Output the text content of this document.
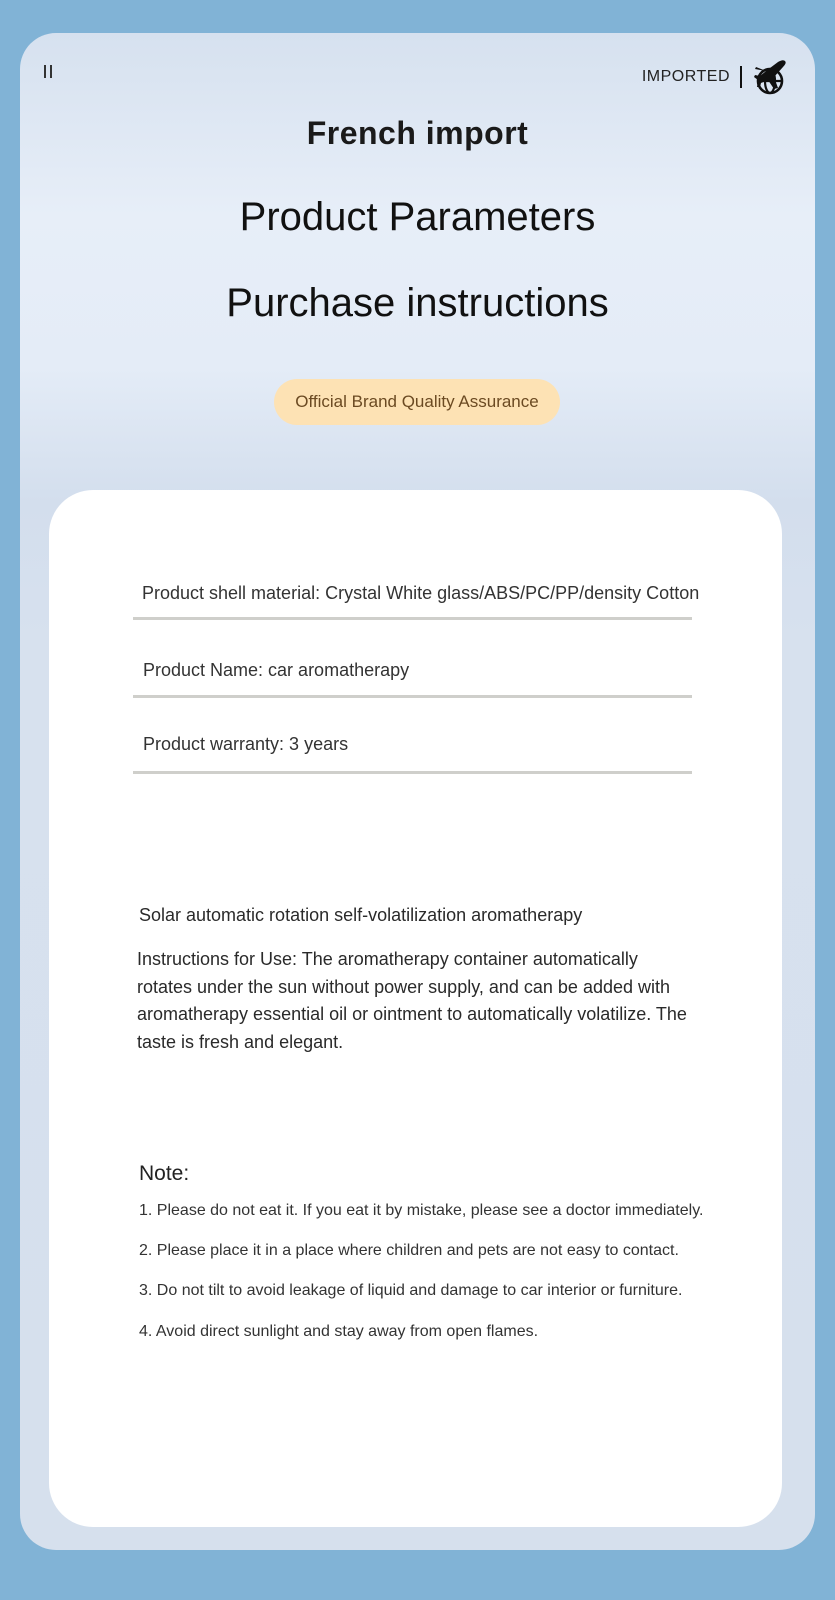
IMPORTED
French import
Product Parameters
Purchase instructions
Official Brand Quality Assurance
Product shell material: Crystal White glass/ABS/PC/PP/density Cotton
Product Name: car aromatherapy
Product warranty: 3 years
Solar automatic rotation self-volatilization aromatherapy
Instructions for Use: The aromatherapy container automatically rotates under the sun without power supply, and can be added with aromatherapy essential oil or ointment to automatically volatilize. The taste is fresh and elegant.
Note:
1. Please do not eat it. If you eat it by mistake, please see a doctor immediately.
2. Please place it in a place where children and pets are not easy to contact.
3. Do not tilt to avoid leakage of liquid and damage to car interior or furniture.
4. Avoid direct sunlight and stay away from open flames.
